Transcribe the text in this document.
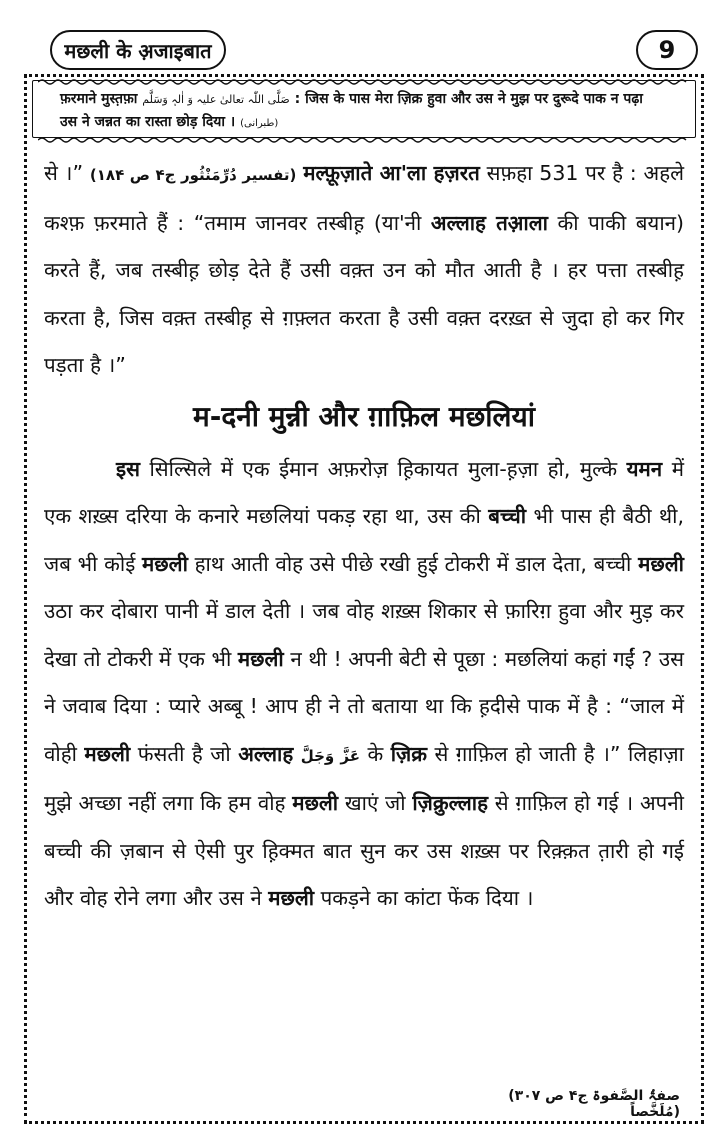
मछली के अ़जाइबात	9
फ़रमाने मुस्त़फ़ा صَلَّی اللّٰہ تعالیٰ علیہ وَ اٰلہٖ وَسَلَّم : जिस के पास मेरा ज़िक्र हुवा और उस ने मुझ पर दुरूदे पाक न पढ़ा
उस ने जन्नत का रास्ता छोड़ दिया । (طبرانی)

से ।” (تفسیر دُرِّمَنْثُور ج۴ ص ۱۸۴) मल्फ़ूज़ाते आ'ला हज़रत सफ़हा 531 पर है : अहले कश्फ़ फ़रमाते हैं : “तमाम जानवर तस्बीह़ (या'नी अल्लाह तआ़ला की पाकी बयान) करते हैं, जब तस्बीह़ छोड़ देते हैं उसी वक़्त उन को मौत आती है । हर पत्ता तस्बीह़ करता है, जिस वक़्त तस्बीह़ से ग़फ़्लत करता है उसी वक़्त दरख़्त से जुदा हो कर गिर पड़ता है ।”

म-दनी मुन्नी और ग़ाफ़िल मछलियां

इस सिल्सिले में एक ईमान अफ़रोज़ ह़िकायत मुला-ह़ज़ा हो, मुल्के यमन में एक शख़्स दरिया के कनारे मछलियां पकड़ रहा था, उस की बच्ची भी पास ही बैठी थी, जब भी कोई मछली हाथ आती वोह उसे पीछे रखी हुई टोकरी में डाल देता, बच्ची मछली उठा कर दोबारा पानी में डाल देती । जब वोह शख़्स शिकार से फ़ारिग़ हुवा और मुड़ कर देखा तो टोकरी में एक भी मछली न थी ! अपनी बेटी से पूछा : मछलियां कहां गईं ? उस ने जवाब दिया : प्यारे अब्बू ! आप ही ने तो बताया था कि ह़दीसे पाक में है : “जाल में वोही मछली फंसती है जो अल्लाह عَزَّ وَجَلَّ के ज़िक्र से ग़ाफ़िल हो जाती है ।” लिहाज़ा मुझे अच्छा नहीं लगा कि हम वोह मछली खाएं जो ज़िक्रुल्लाह से ग़ाफ़िल हो गई । अपनी बच्ची की ज़बान से ऐसी पुर ह़िक्मत बात सुन कर उस शख़्स पर रिक़्क़त त़ारी हो गई और वोह रोने लगा और उस ने मछली पकड़ने का कांटा फेंक दिया ।

(صفۃُ الصَّفوۃ ج۴ ص ۳۰۷ مُلَخَّصاً)
